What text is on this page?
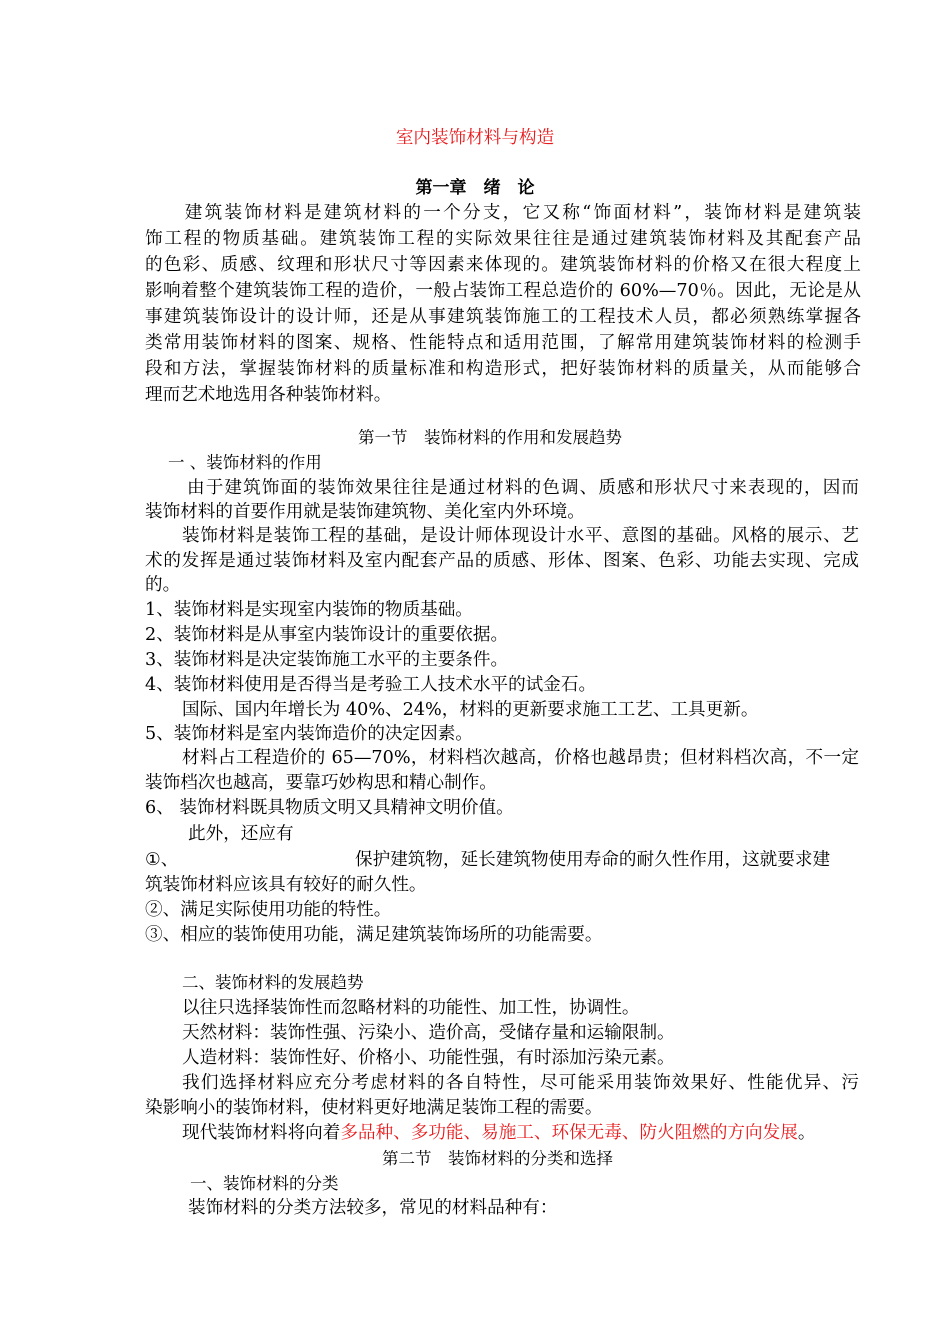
室内装饰材料与构造
第一章　绪　论
　　建筑装饰材料是建筑材料的一个分支，它又称“饰面材料”，装饰材料是建筑装
饰工程的物质基础。建筑装饰工程的实际效果往往是通过建筑装饰材料及其配套产品
的色彩、质感、纹理和形状尺寸等因素来体现的。建筑装饰材料的价格又在很大程度上
影响着整个建筑装饰工程的造价，一般占装饰工程总造价的 60%—70％。因此，无论是从
事建筑装饰设计的设计师，还是从事建筑装饰施工的工程技术人员，都必须熟练掌握各
类常用装饰材料的图案、规格、性能特点和适用范围，了解常用建筑装饰材料的检测手
段和方法，掌握装饰材料的质量标准和构造形式，把好装饰材料的质量关，从而能够合
理而艺术地选用各种装饰材料。
第一节　装饰材料的作用和发展趋势
一 、装饰材料的作用
由于建筑饰面的装饰效果往往是通过材料的色调、质感和形状尺寸来表现的，因而
装饰材料的首要作用就是装饰建筑物、美化室内外环境。
装饰材料是装饰工程的基础，是设计师体现设计水平、意图的基础。风格的展示、艺
术的发挥是通过装饰材料及室内配套产品的质感、形体、图案、色彩、功能去实现、完成
的。
1、装饰材料是实现室内装饰的物质基础。
2、装饰材料是从事室内装饰设计的重要依据。
3、装饰材料是决定装饰施工水平的主要条件。
4、装饰材料使用是否得当是考验工人技术水平的试金石。
国际、国内年增长为 40%、24%，材料的更新要求施工工艺、工具更新。
5、装饰材料是室内装饰造价的决定因素。
材料占工程造价的 65—70%，材料档次越高，价格也越昂贵；但材料档次高，不一定
装饰档次也越高，要靠巧妙构思和精心制作。
6、 装饰材料既具物质文明又具精神文明价值。
此外，还应有
①、	保护建筑物，延长建筑物使用寿命的耐久性作用，这就要求建
筑装饰材料应该具有较好的耐久性。
②、满足实际使用功能的特性。
③、相应的装饰使用功能，满足建筑装饰场所的功能需要。
二、装饰材料的发展趋势
以往只选择装饰性而忽略材料的功能性、加工性，协调性。
天然材料：装饰性强、污染小、造价高，受储存量和运输限制。
人造材料：装饰性好、价格小、功能性强，有时添加污染元素。
我们选择材料应充分考虑材料的各自特性，尽可能采用装饰效果好、性能优异、污
染影响小的装饰材料，使材料更好地满足装饰工程的需要。
现代装饰材料将向着多品种、多功能、易施工、环保无毒、防火阻燃的方向发展。
第二节　装饰材料的分类和选择
一、装饰材料的分类
装饰材料的分类方法较多，常见的材料品种有：
